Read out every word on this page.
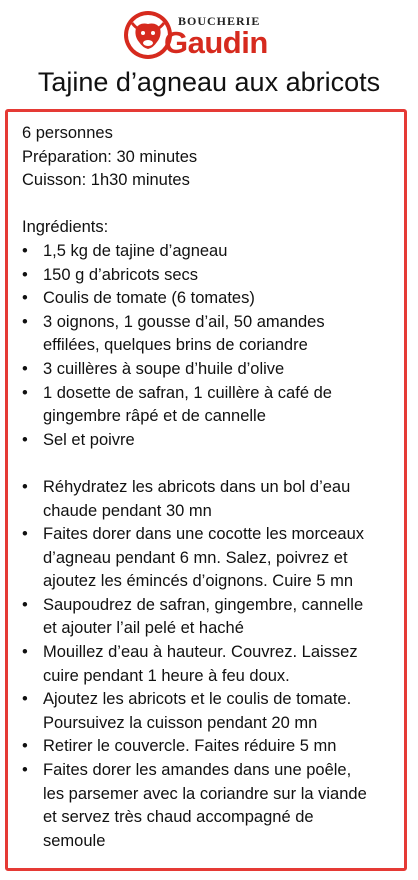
BOUCHERIE
Gaudin
Tajine d’agneau aux abricots

6 personnes

Préparation: 30 minutes

Cuisson: 1h30 minutes

Ingrédients:

• 1,5 kg de tajine d’agneau
• 150 g d’abricots secs
• Coulis de tomate (6 tomates)
• 3 oignons, 1 gousse d’ail, 50 amandes
effilées, quelques brins de coriandre
• 3 cuillères à soupe d’huile d’olive
• 1 dosette de safran, 1 cuillère à café de
gingembre râpé et de cannelle
• Sel et poivre
• Réhydratez les abricots dans un bol d’eau
chaude pendant 30 mn
• Faites dorer dans une cocotte les morceaux
d’agneau pendant 6 mn. Salez, poivrez et
ajoutez les émincés d’oignons. Cuire 5 mn
• Saupoudrez de safran, gingembre, cannelle
et ajouter l’ail pelé et haché
• Mouillez d’eau à hauteur. Couvrez. Laissez
cuire pendant 1 heure à feu doux.
• Ajoutez les abricots et le coulis de tomate.
Poursuivez la cuisson pendant 20 mn
• Retirer le couvercle. Faites réduire 5 mn
• Faites dorer les amandes dans une poêle,
les parsemer avec la coriandre sur la viande
et servez très chaud accompagné de
semoule
